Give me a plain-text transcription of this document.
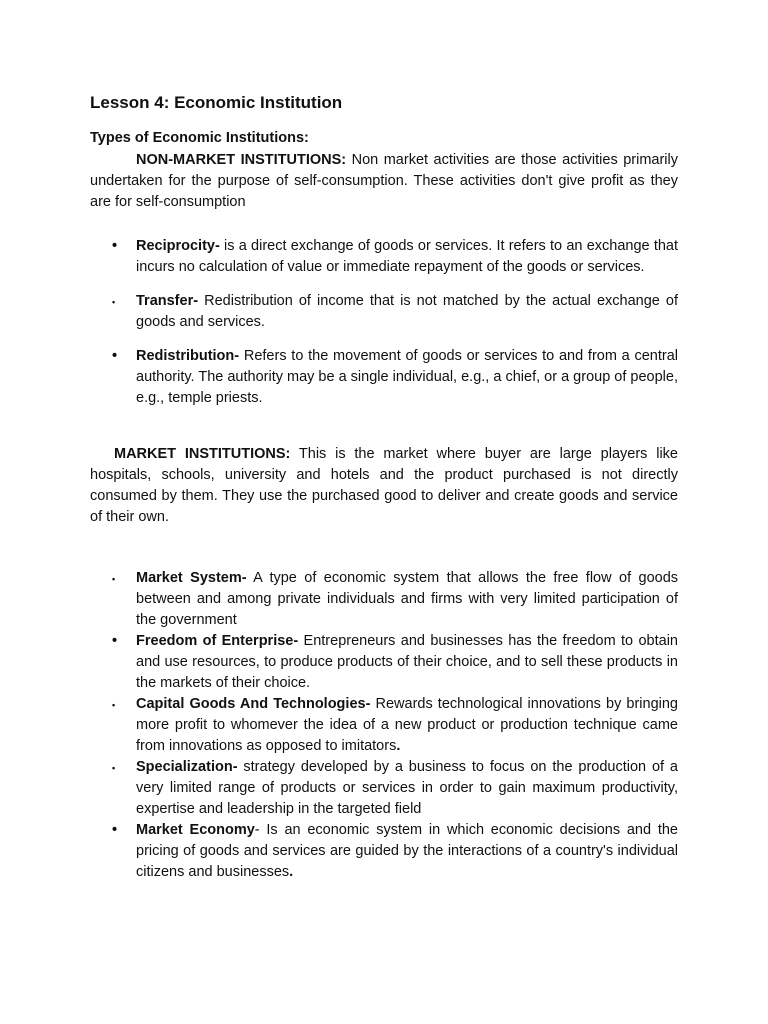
Lesson 4: Economic Institution
Types of Economic Institutions:

NON-MARKET INSTITUTIONS: Non market activities are those activities primarily undertaken for the purpose of self-consumption. These activities don't give profit as they are for self-consumption

• Reciprocity- is a direct exchange of goods or services. It refers to an exchange that incurs no calculation of value or immediate repayment of the goods or services.
• Transfer- Redistribution of income that is not matched by the actual exchange of goods and services.
• Redistribution- Refers to the movement of goods or services to and from a central authority. The authority may be a single individual, e.g., a chief, or a group of people, e.g., temple priests.

MARKET INSTITUTIONS: This is the market where buyer are large players like hospitals, schools, university and hotels and the product purchased is not directly consumed by them. They use the purchased good to deliver and create goods and service of their own.

• Market System- A type of economic system that allows the free flow of goods between and among private individuals and firms with very limited participation of the government
• Freedom of Enterprise- Entrepreneurs and businesses has the freedom to obtain and use resources, to produce products of their choice, and to sell these products in the markets of their choice.
• Capital Goods And Technologies- Rewards technological innovations by bringing more profit to whomever the idea of a new product or production technique came from innovations as opposed to imitators.
• Specialization- strategy developed by a business to focus on the production of a very limited range of products or services in order to gain maximum productivity, expertise and leadership in the targeted field
• Market Economy- Is an economic system in which economic decisions and the pricing of goods and services are guided by the interactions of a country's individual citizens and businesses.
